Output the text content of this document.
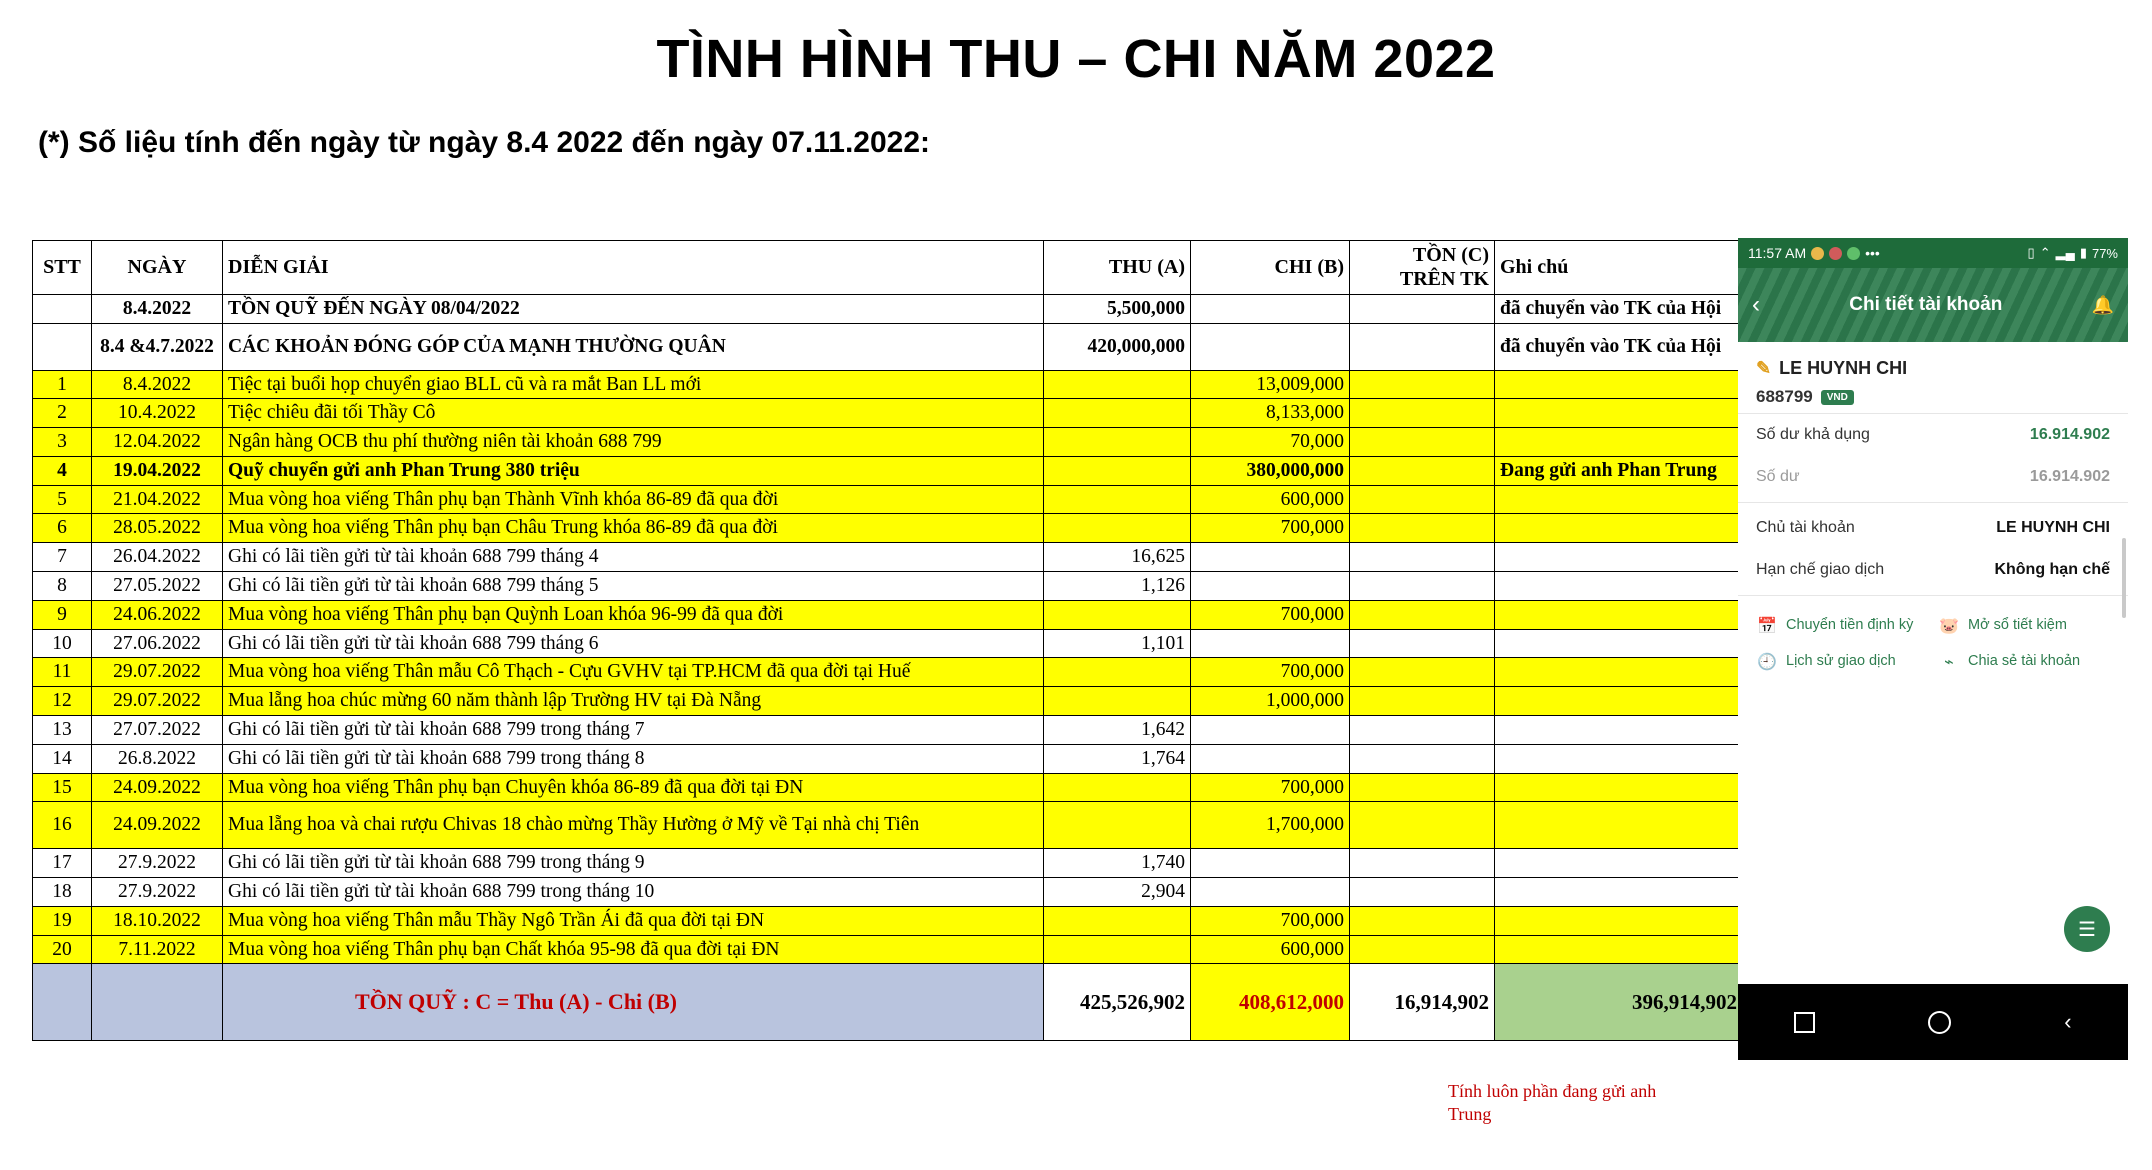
TÌNH HÌNH THU – CHI NĂM 2022
(*) Số liệu tính đến ngày từ ngày 8.4 2022 đến ngày 07.11.2022:
STT	NGÀY	DIỄN GIẢI	THU (A)	CHI (B)	TỒN (C) TRÊN TK	Ghi chú
	8.4.2022	TỒN QUỸ ĐẾN NGÀY 08/04/2022	5,500,000			đã chuyển vào TK của Hội
	8.4 &4.7.2022	CÁC KHOẢN ĐÓNG GÓP CỦA MẠNH THƯỜNG QUÂN	420,000,000			đã chuyển vào TK của Hội
1	8.4.2022	Tiệc tại buổi họp chuyển giao BLL cũ và ra mắt Ban LL mới		13,009,000		
2	10.4.2022	Tiệc chiêu đãi tối Thầy Cô		8,133,000		
3	12.04.2022	Ngân hàng OCB thu phí thường niên tài khoản 688 799		70,000		
4	19.04.2022	Quỹ chuyển gửi anh Phan Trung 380 triệu		380,000,000		Đang gửi anh Phan Trung
5	21.04.2022	Mua vòng hoa viếng Thân phụ bạn Thành Vĩnh khóa 86-89 đã qua đời		600,000		
6	28.05.2022	Mua vòng hoa viếng Thân phụ bạn Châu Trung khóa 86-89 đã qua đời		700,000		
7	26.04.2022	Ghi có lãi tiền gửi từ tài khoản 688 799 tháng 4	16,625			
8	27.05.2022	Ghi có lãi tiền gửi từ tài khoản 688 799 tháng 5	1,126			
9	24.06.2022	Mua vòng hoa viếng Thân phụ bạn Quỳnh Loan khóa 96-99 đã qua đời		700,000		
10	27.06.2022	Ghi có lãi tiền gửi từ tài khoản 688 799 tháng 6	1,101			
11	29.07.2022	Mua vòng hoa viếng Thân mẫu Cô Thạch - Cựu GVHV tại TP.HCM đã qua đời tại Huế		700,000		
12	29.07.2022	Mua lẵng hoa chúc mừng 60 năm thành lập Trường HV tại Đà Nẵng		1,000,000		
13	27.07.2022	Ghi có lãi tiền gửi từ tài khoản 688 799 trong tháng 7	1,642			
14	26.8.2022	Ghi có lãi tiền gửi từ tài khoản 688 799 trong tháng 8	1,764			
15	24.09.2022	Mua vòng hoa viếng Thân phụ bạn Chuyên khóa 86-89 đã qua đời tại ĐN		700,000		
16	24.09.2022	Mua lẵng hoa và chai rượu Chivas 18 chào mừng Thầy Hường ở Mỹ về Tại nhà chị Tiên		1,700,000		
17	27.9.2022	Ghi có lãi tiền gửi từ tài khoản 688 799 trong tháng 9	1,740			
18	27.9.2022	Ghi có lãi tiền gửi từ tài khoản 688 799 trong tháng 10	2,904			
19	18.10.2022	Mua vòng hoa viếng Thân mẫu Thầy Ngô Trần Ái đã qua đời tại ĐN		700,000		
20	7.11.2022	Mua vòng hoa viếng Thân phụ bạn Chất khóa 95-98 đã qua đời tại ĐN		600,000		
		TỒN QUỸ : C = Thu (A) - Chi (B)	425,526,902	408,612,000	16,914,902	396,914,902
Tính luôn phần đang gửi anh Trung
11:57 AM	•••	▯ ⌃ ▂▄ ▮ 77%
‹	Chi tiết tài khoản	🔔
✎ LE HUYNH CHI
688799	VND
Số dư khả dụng	16.914.902
Số dư	16.914.902
Chủ tài khoản	LE HUYNH CHI
Hạn chế giao dịch	Không hạn chế
📅 Chuyển tiền định kỳ 🐷 Mở sổ tiết kiệm
🕘 Lịch sử giao dịch	⌁ Chia sẻ tài khoản
☰
‹
